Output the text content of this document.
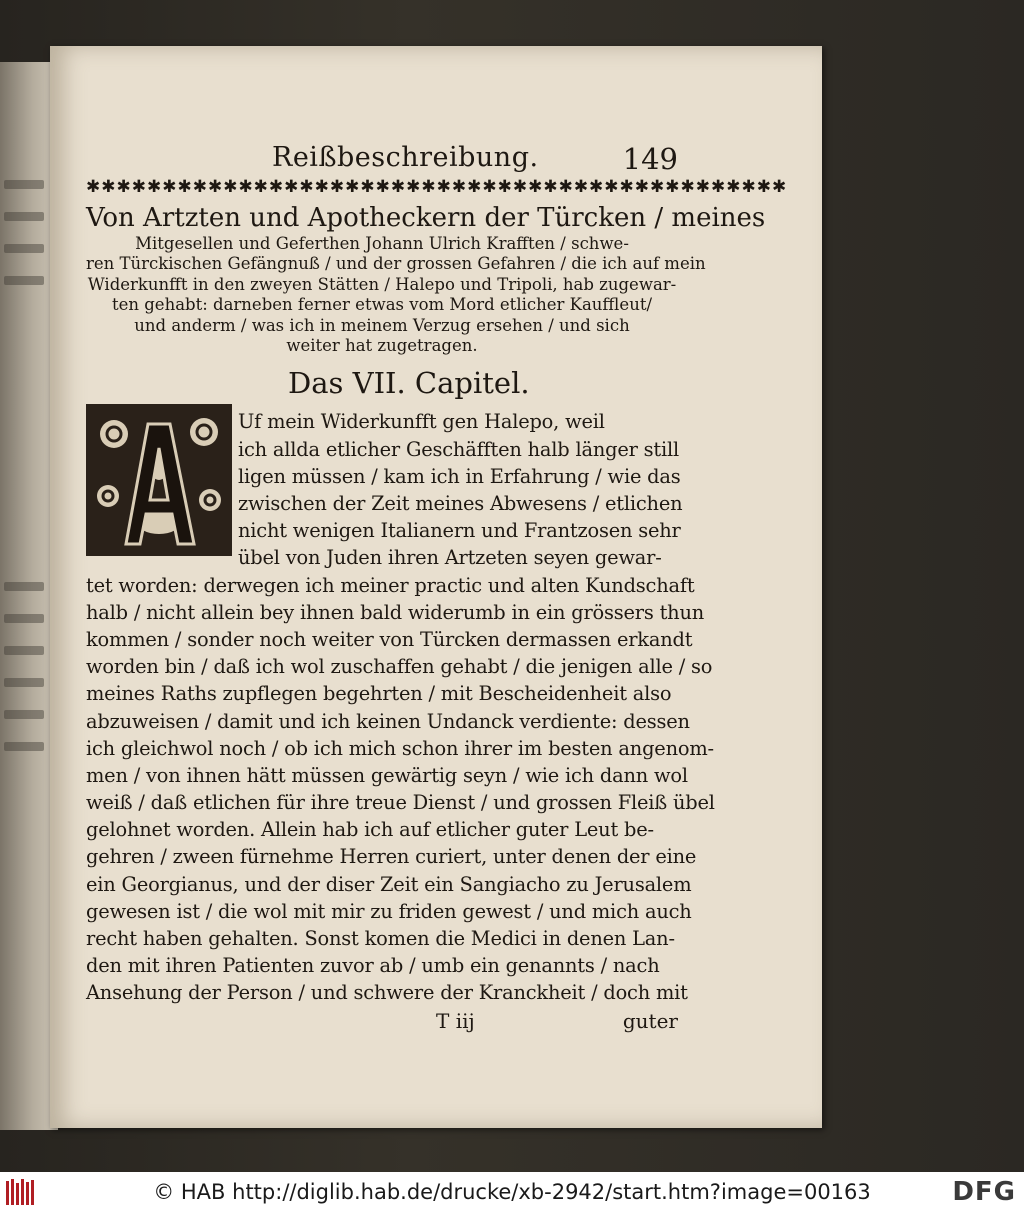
Reißbeschreibung.	149
✱✱✱✱✱✱✱✱✱✱✱✱✱✱✱✱✱✱✱✱✱✱✱✱✱✱✱✱✱✱✱✱✱✱✱✱✱✱✱✱✱✱✱✱✱✱
Von Artzten und Apotheckern der Türcken / meines
Mitgesellen und Geferthen Johann Ulrich Krafften / schwe-
ren Türckischen Gefängnuß / und der grossen Gefahren / die ich auf mein
Widerkunfft in den zweyen Stätten / Halepo und Tripoli, hab zugewar-
ten gehabt: darneben ferner etwas vom Mord etlicher Kauffleut/
und anderm / was ich in meinem Verzug ersehen / und sich
weiter hat zugetragen.
Das VII. Capitel.
Uf mein Widerkunfft gen Halepo, weil
ich allda etlicher Geschäfften halb länger still
ligen müssen / kam ich in Erfahrung / wie das
zwischen der Zeit meines Abwesens / etlichen
nicht wenigen Italianern und Frantzosen sehr
übel von Juden ihren Artzeten seyen gewar-
tet worden: derwegen ich meiner practic und alten Kundschaft
halb / nicht allein bey ihnen bald widerumb in ein grössers thun
kommen / sonder noch weiter von Türcken dermassen erkandt
worden bin / daß ich wol zuschaffen gehabt / die jenigen alle / so
meines Raths zupflegen begehrten / mit Bescheidenheit also
abzuweisen / damit und ich keinen Undanck verdiente: dessen
ich gleichwol noch / ob ich mich schon ihrer im besten angenom-
men / von ihnen hätt müssen gewärtig seyn / wie ich dann wol
weiß / daß etlichen für ihre treue Dienst / und grossen Fleiß übel
gelohnet worden. Allein hab ich auf etlicher guter Leut be-
gehren / zween fürnehme Herren curiert, unter denen der eine
ein Georgianus, und der diser Zeit ein Sangiacho zu Jerusalem
gewesen ist / die wol mit mir zu friden gewest / und mich auch
recht haben gehalten. Sonst komen die Medici in denen Lan-
den mit ihren Patienten zuvor ab / umb ein genannts / nach
Ansehung der Person / und schwere der Kranckheit / doch mit
T iij	guter
© HAB http://diglib.hab.de/drucke/xb-2942/start.htm?image=00163	DFG
